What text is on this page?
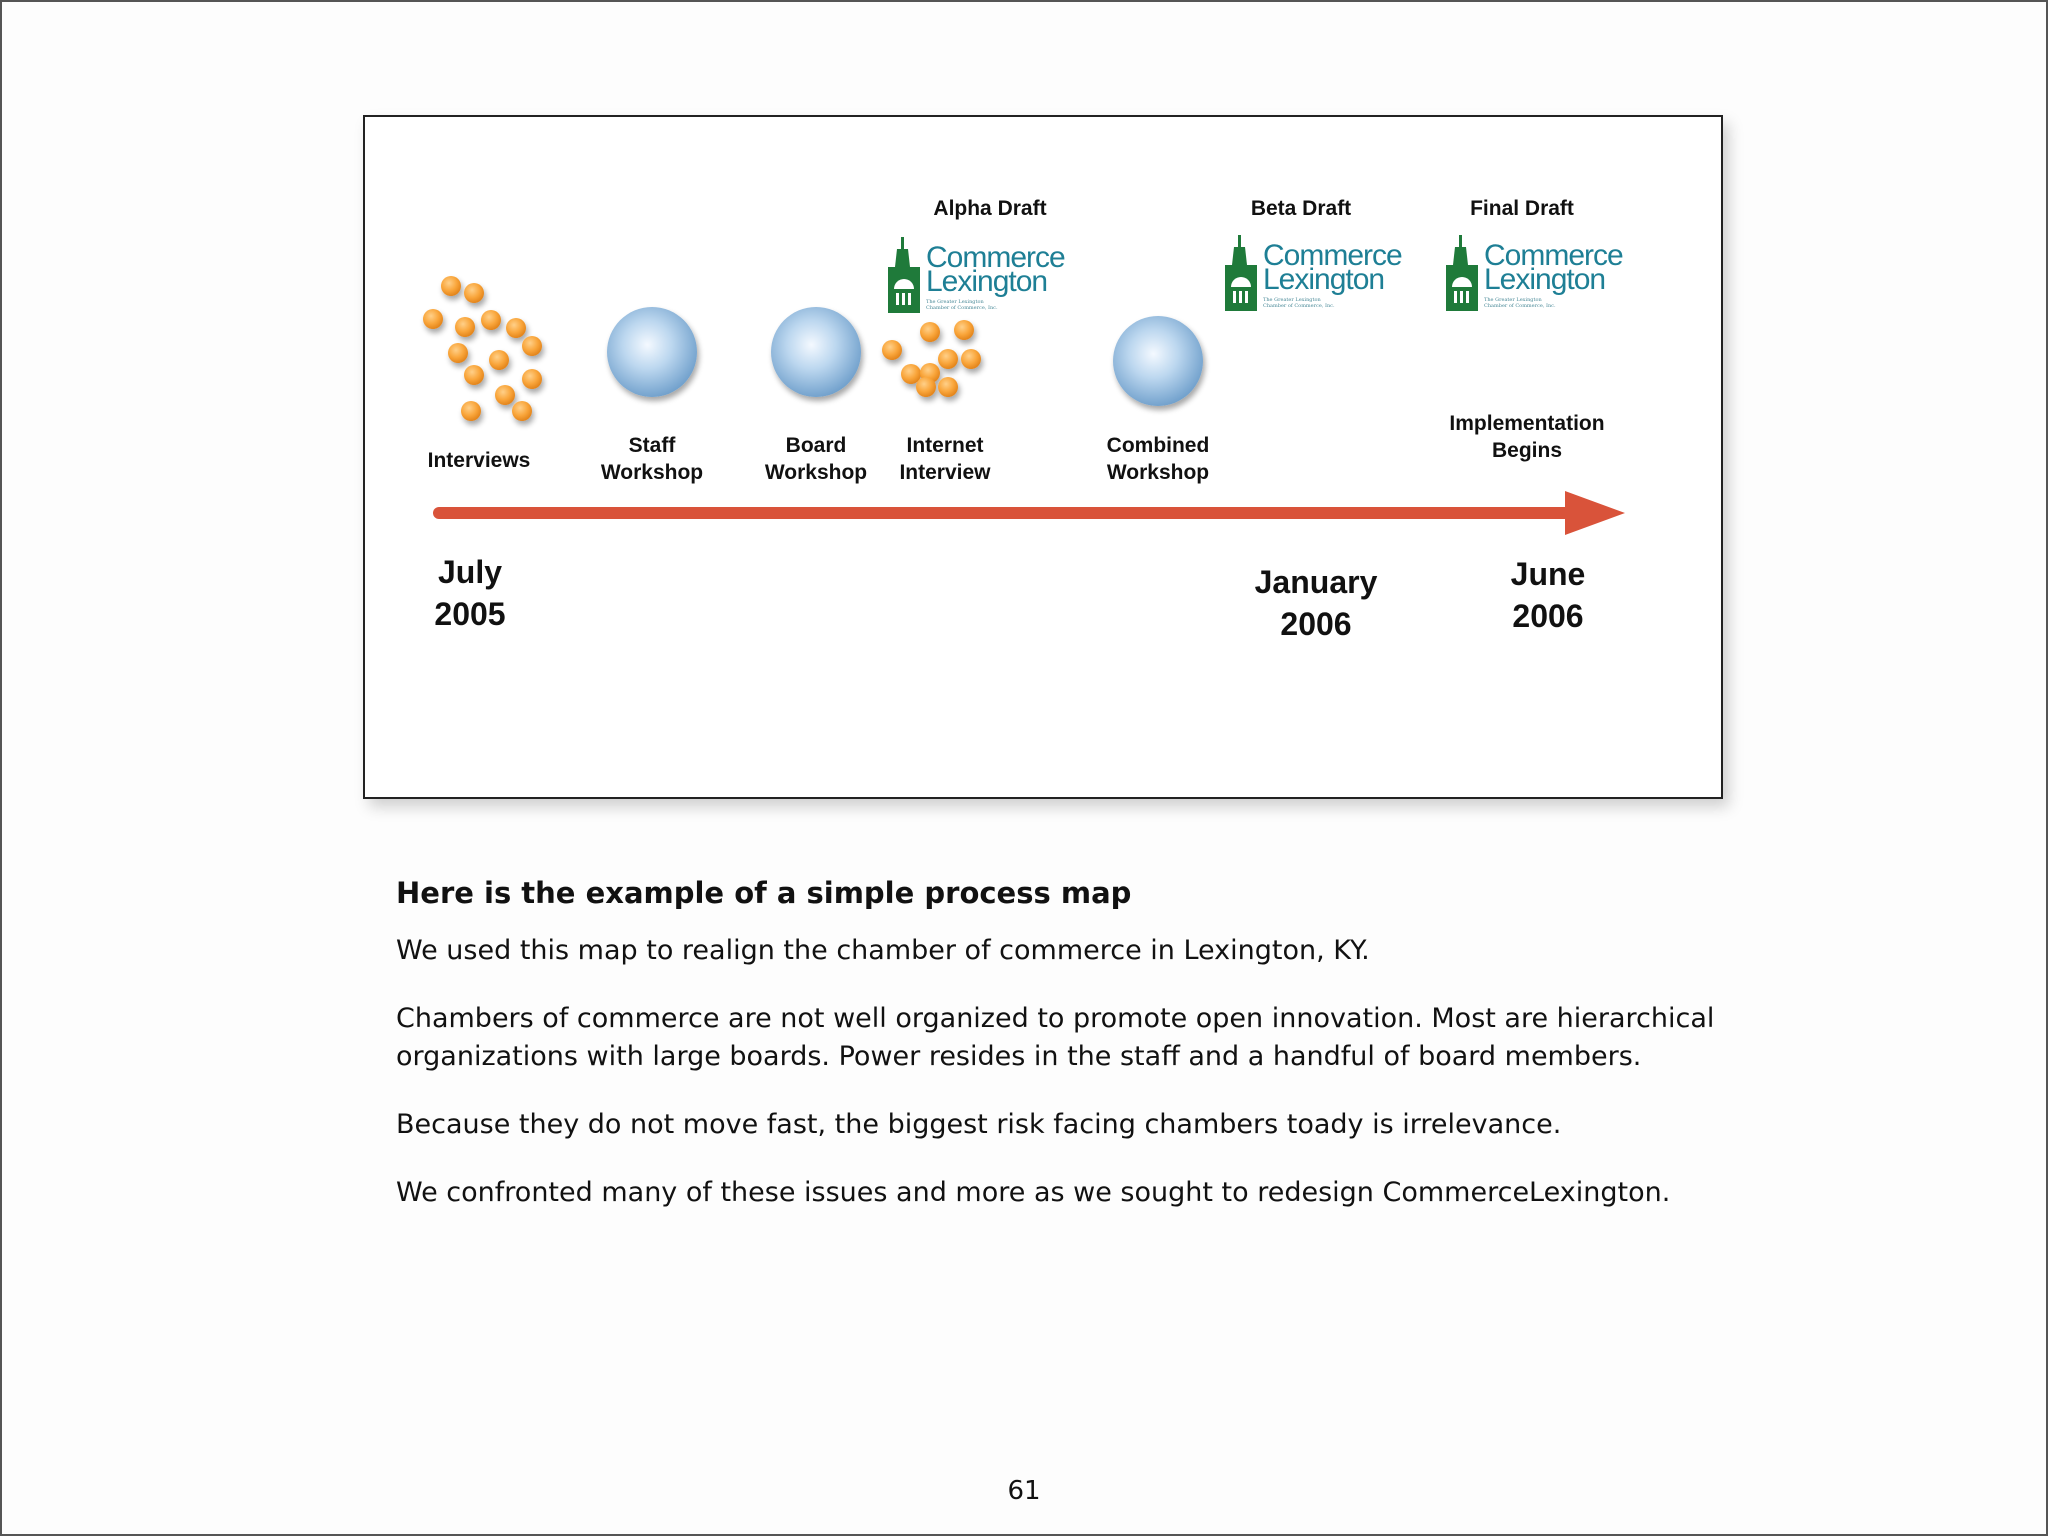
Alpha Draft	Beta Draft	Final Draft
Commerce
Lexington
The Greater Lexington
Chamber of Commerce, Inc.
Commerce
Lexington
The Greater Lexington
Chamber of Commerce, Inc.
Commerce
Lexington
The Greater Lexington
Chamber of Commerce, Inc.
Interviews
Staff Workshop
Board Workshop
Internet Interview
Combined Workshop
Implementation Begins
July
2005
January
2006
June
2006
Here is the example of a simple process map

We used this map to realign the chamber of commerce in Lexington, KY.

Chambers of commerce are not well organized to promote open innovation. Most are hierarchical organizations with large boards. Power resides in the staff and a handful of board members.

Because they do not move fast, the biggest risk facing chambers toady is irrelevance.

We confronted many of these issues and more as we sought to redesign CommerceLexington.

61
